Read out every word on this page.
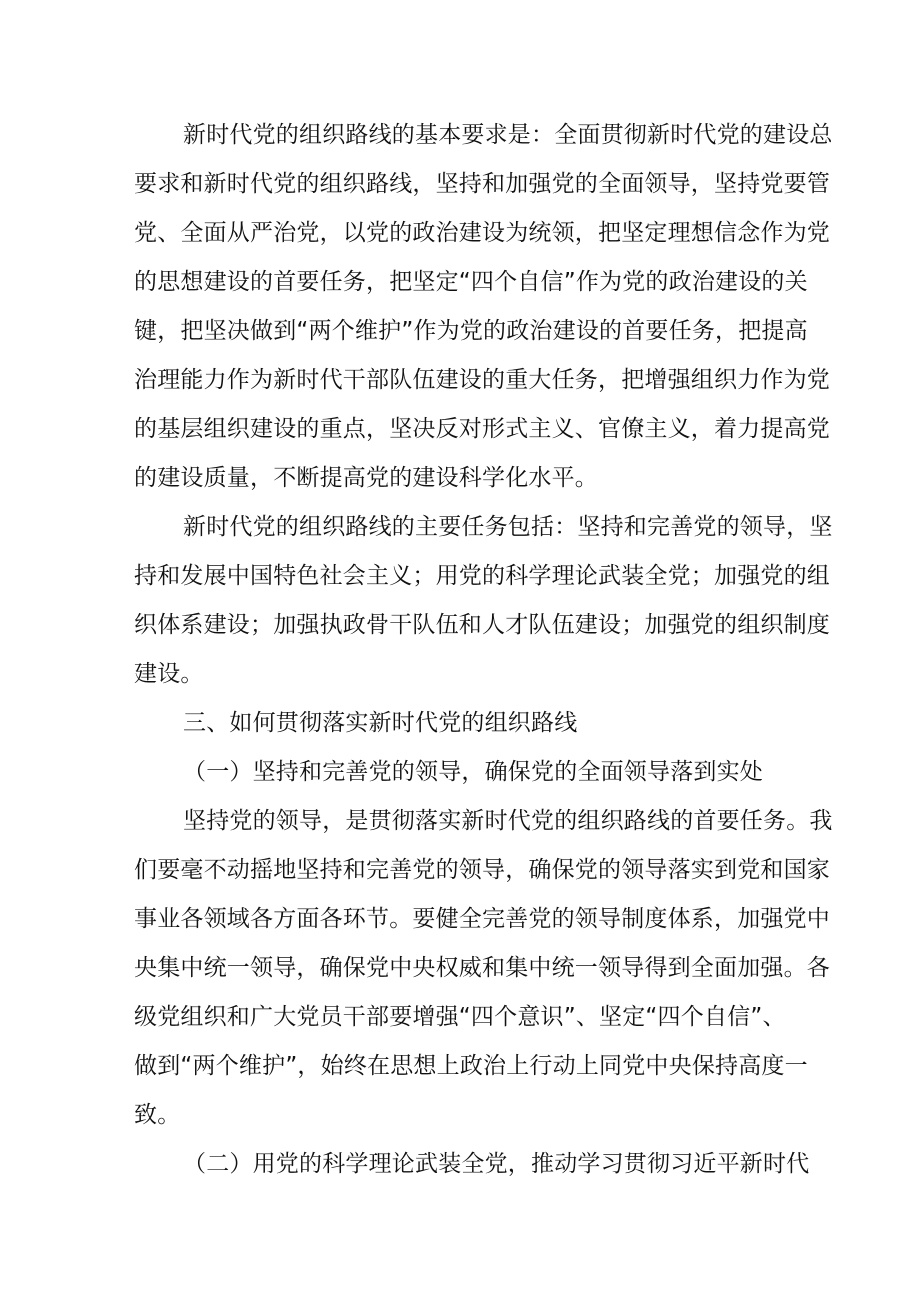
新时代党的组织路线的基本要求是：全面贯彻新时代党的建设总
要求和新时代党的组织路线，坚持和加强党的全面领导，坚持党要管
党、全面从严治党，以党的政治建设为统领，把坚定理想信念作为党
的思想建设的首要任务，把坚定“四个自信”作为党的政治建设的关
键，把坚决做到“两个维护”作为党的政治建设的首要任务，把提高
治理能力作为新时代干部队伍建设的重大任务，把增强组织力作为党
的基层组织建设的重点，坚决反对形式主义、官僚主义，着力提高党
的建设质量，不断提高党的建设科学化水平。
新时代党的组织路线的主要任务包括：坚持和完善党的领导，坚
持和发展中国特色社会主义；用党的科学理论武装全党；加强党的组
织体系建设；加强执政骨干队伍和人才队伍建设；加强党的组织制度
建设。
三、如何贯彻落实新时代党的组织路线
（一）坚持和完善党的领导，确保党的全面领导落到实处
坚持党的领导，是贯彻落实新时代党的组织路线的首要任务。我
们要毫不动摇地坚持和完善党的领导，确保党的领导落实到党和国家
事业各领域各方面各环节。要健全完善党的领导制度体系，加强党中
央集中统一领导，确保党中央权威和集中统一领导得到全面加强。各
级党组织和广大党员干部要增强“四个意识”、坚定“四个自信”、
做到“两个维护”，始终在思想上政治上行动上同党中央保持高度一
致。
（二）用党的科学理论武装全党，推动学习贯彻习近平新时代
